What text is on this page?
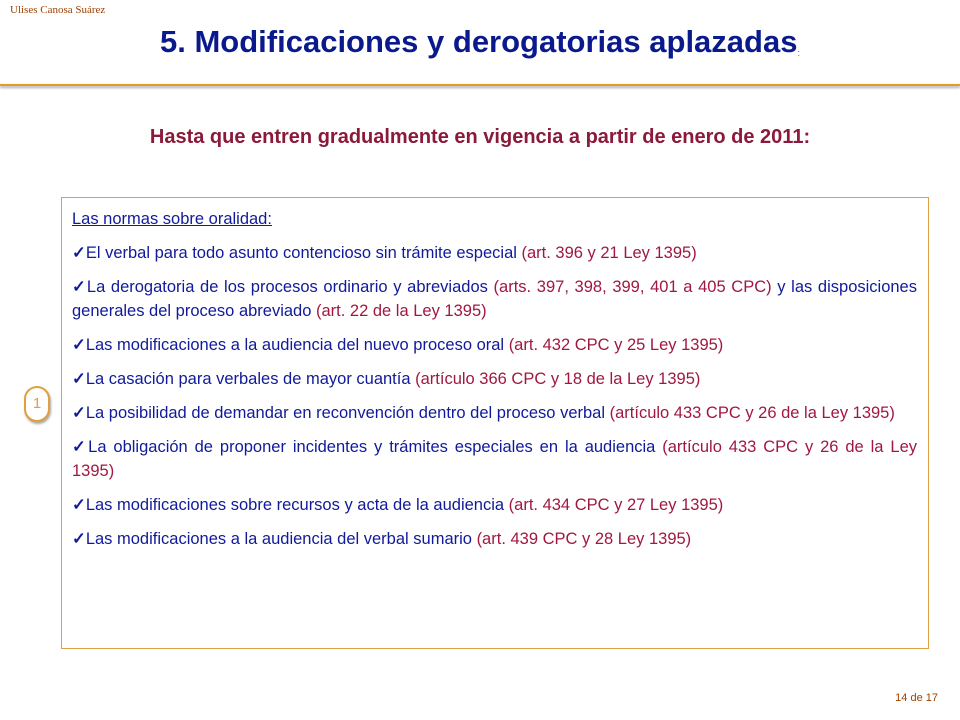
Ulises Canosa Suárez
5. Modificaciones y derogatorias aplazadas:
Hasta que entren gradualmente en vigencia a partir de enero de 2011:
Las normas sobre oralidad:
✓El verbal para todo asunto contencioso sin trámite especial (art. 396 y 21 Ley 1395)
✓La derogatoria de los procesos ordinario y abreviados (arts. 397, 398, 399, 401 a 405 CPC) y las disposiciones generales del proceso abreviado (art. 22 de la Ley 1395)
✓Las modificaciones a la audiencia del nuevo proceso oral (art. 432 CPC y 25 Ley 1395)
✓La casación para verbales de mayor cuantía (artículo 366 CPC y 18 de la Ley 1395)
✓La posibilidad de demandar en reconvención dentro del proceso verbal (artículo 433 CPC y 26 de la Ley 1395)
✓La obligación de proponer incidentes y trámites especiales en la audiencia (artículo 433 CPC y 26 de la Ley 1395)
✓Las modificaciones sobre recursos y acta de la audiencia (art. 434 CPC y 27 Ley 1395)
✓Las modificaciones a la audiencia del verbal sumario (art. 439 CPC y 28 Ley 1395)
1
14 de 17
